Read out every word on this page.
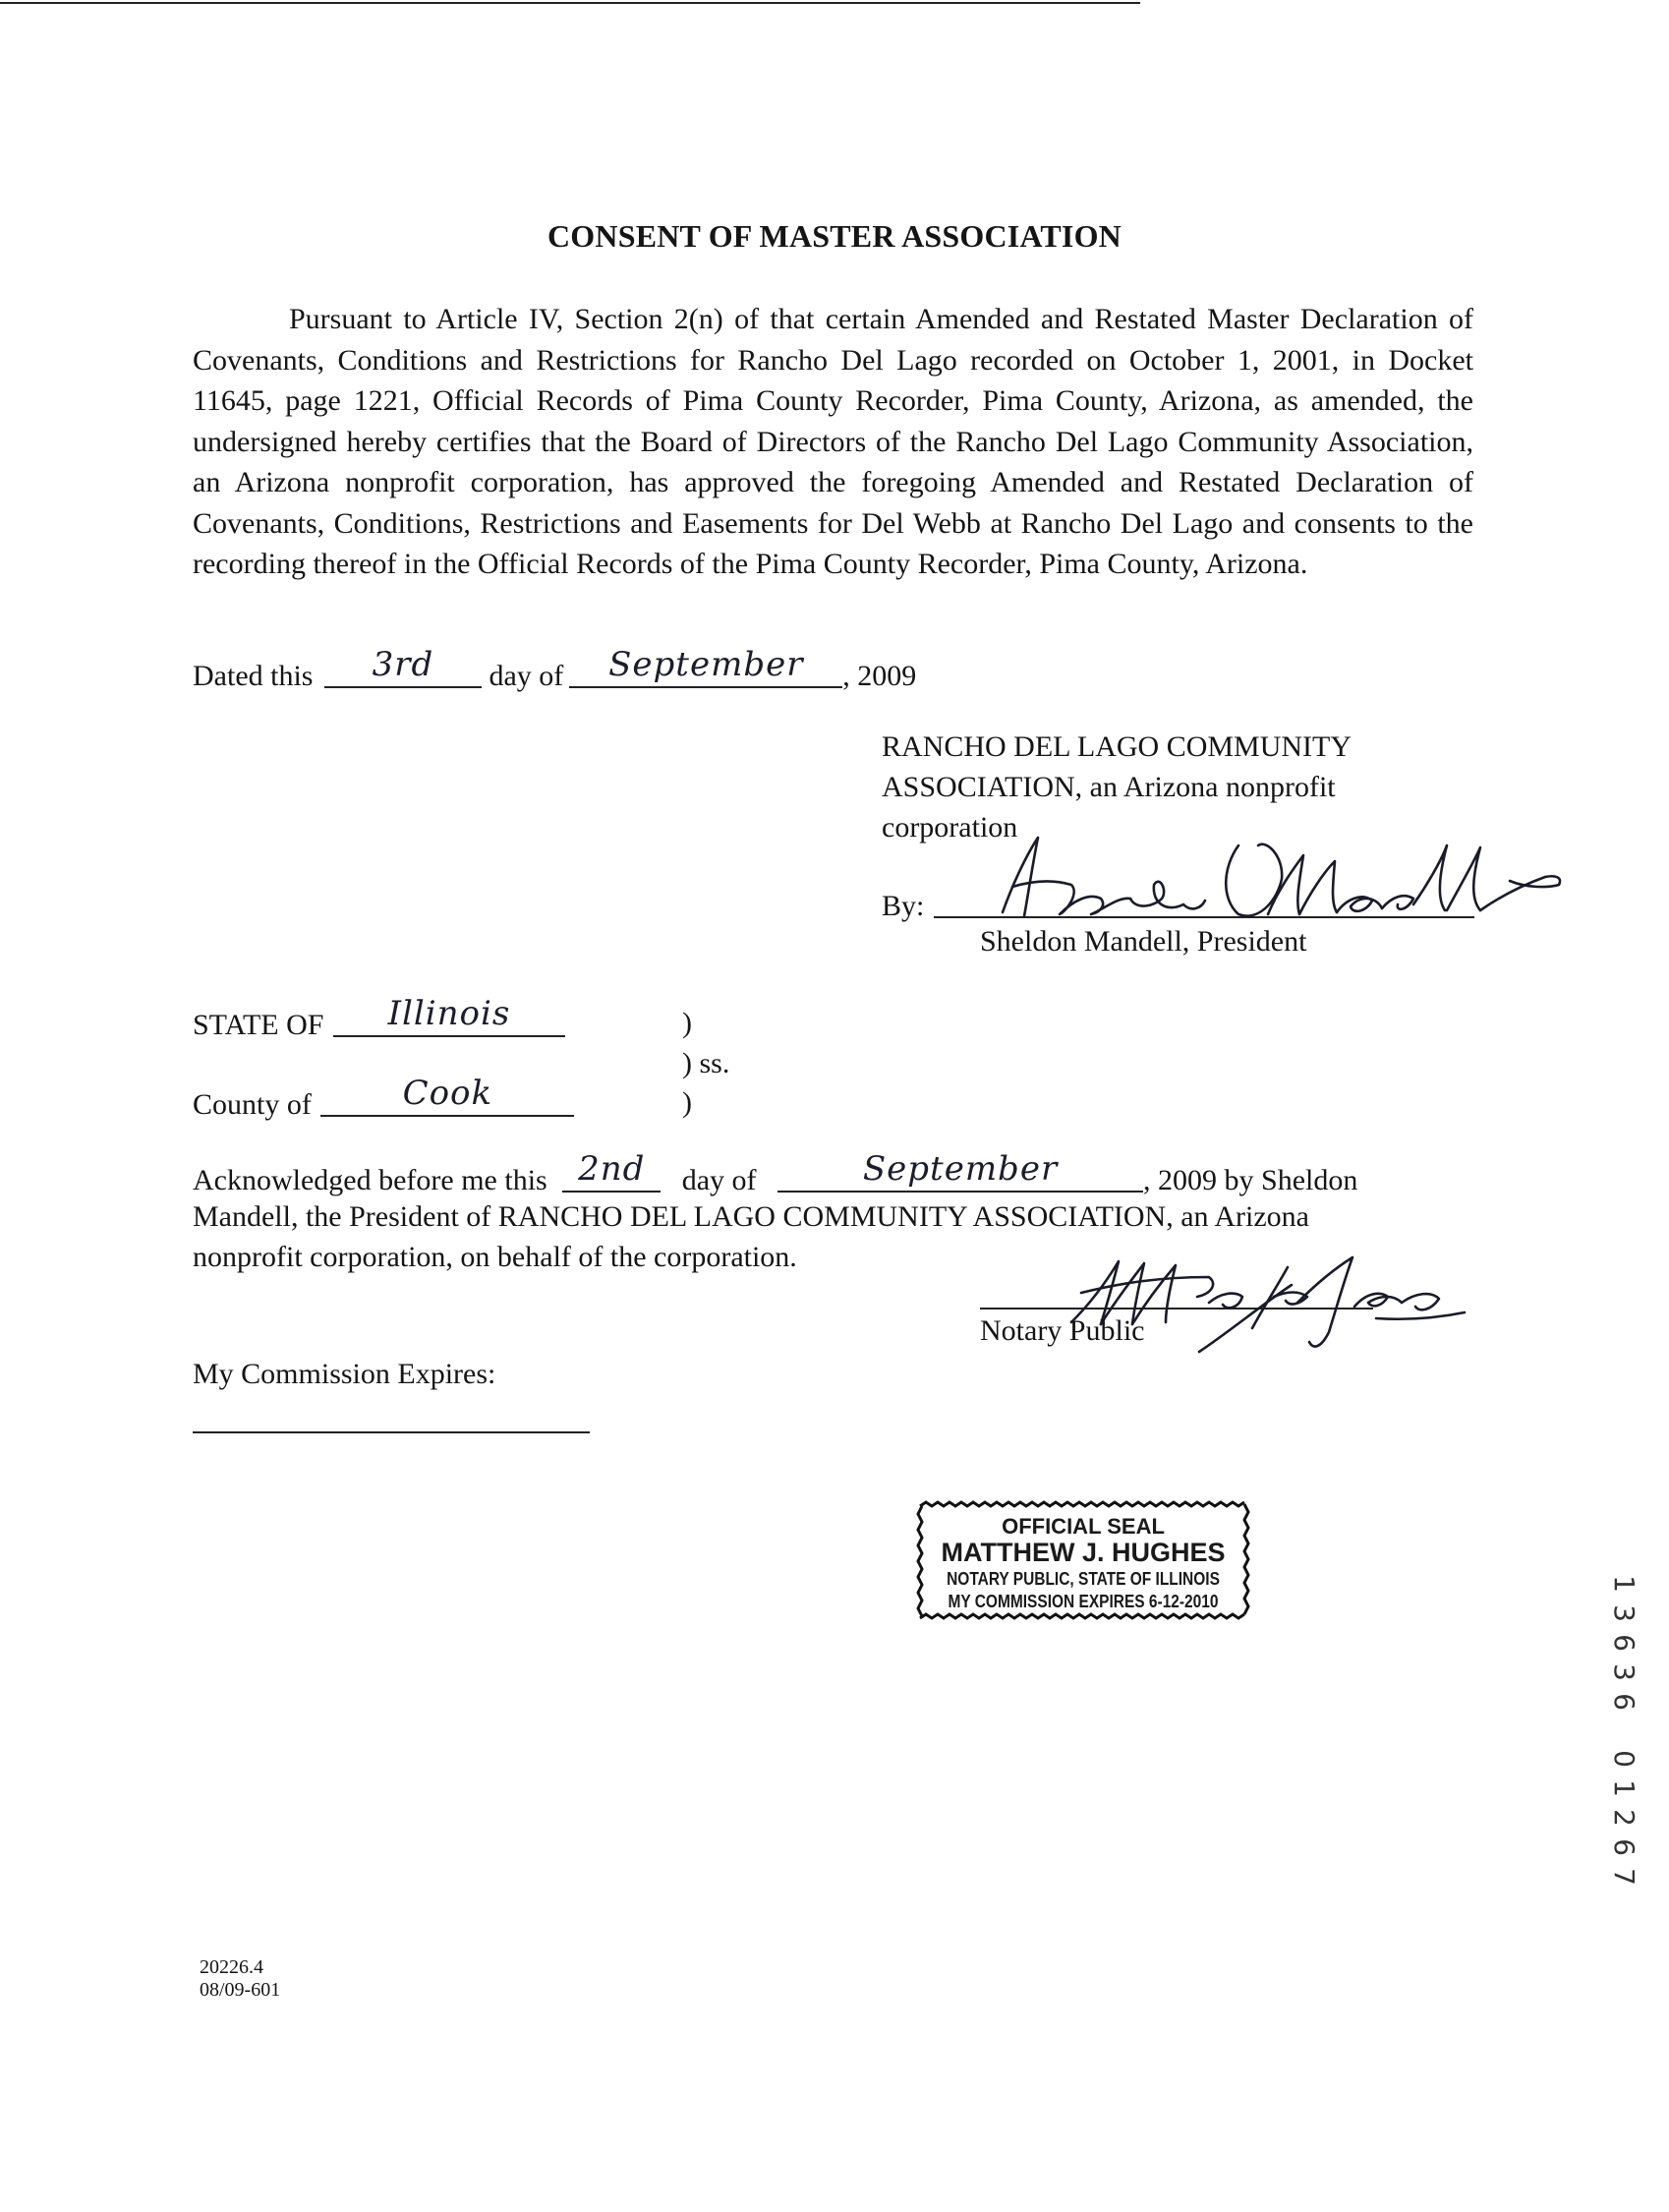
CONSENT OF MASTER ASSOCIATION
Pursuant to Article IV, Section 2(n) of that certain Amended and Restated Master Declaration of Covenants, Conditions and Restrictions for Rancho Del Lago recorded on October 1, 2001, in Docket 11645, page 1221, Official Records of Pima County Recorder, Pima County, Arizona, as amended, the undersigned hereby certifies that the Board of Directors of the Rancho Del Lago Community Association, an Arizona nonprofit corporation, has approved the foregoing Amended and Restated Declaration of Covenants, Conditions, Restrictions and Easements for Del Webb at Rancho Del Lago and consents to the recording thereof in the Official Records of the Pima County Recorder, Pima County, Arizona.
Dated this 3rd day of September , 2009
RANCHO DEL LAGO COMMUNITY
ASSOCIATION, an Arizona nonprofit
corporation
By:
Sheldon Mandell, President
STATE OF Illinois	)
) ss.
)
County of	Cook
Acknowledged before me this 2nd day of	September	, 2009 by Sheldon
Mandell, the President of RANCHO DEL LAGO COMMUNITY ASSOCIATION, an Arizona
nonprofit corporation, on behalf of the corporation.
Notary Public
My Commission Expires:
OFFICIAL SEAL
MATTHEW J. HUGHES
NOTARY PUBLIC, STATE OF ILLINOIS
MY COMMISSION EXPIRES 6-12-2010
1
3
6
3
6
0
1
2
6
7
20226.4
08/09-601
